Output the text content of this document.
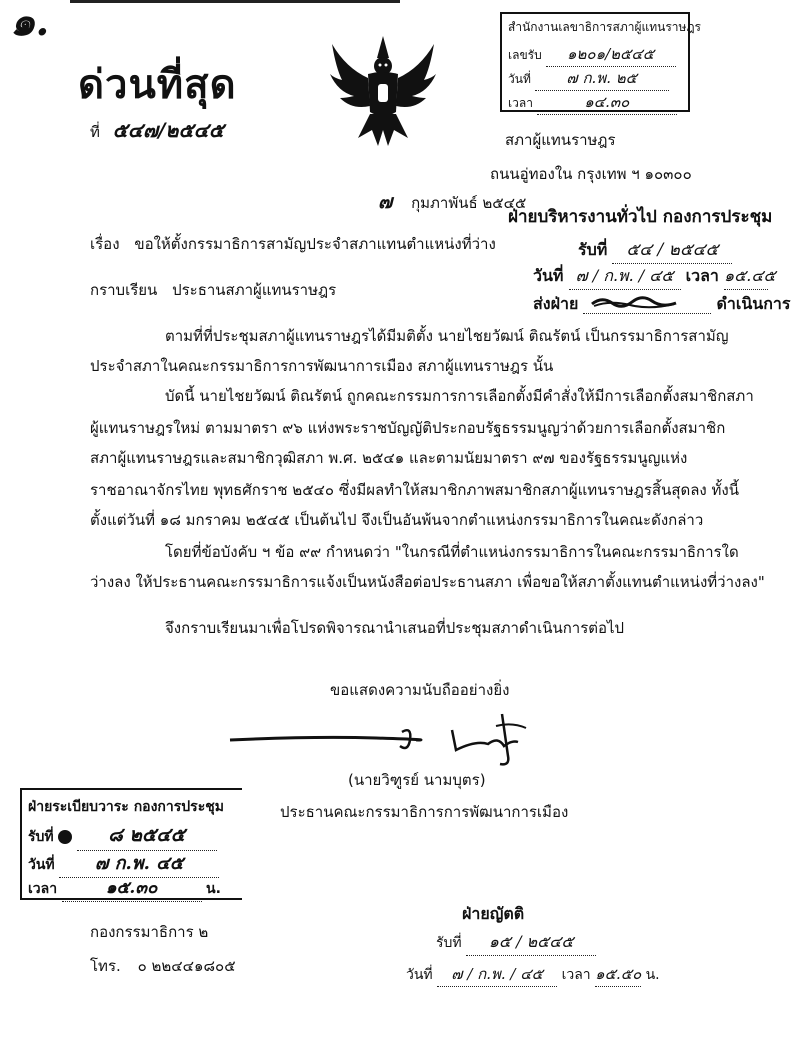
๑.
ด่วนที่สุด
ที่ ๕๔๗/๒๕๔๕
สำนักงานเลขาธิการสภาผู้แทนราษฎร
เลขรับ ๑๒๐๑/๒๕๔๕
วันที่ ๗ ก.พ. ๒๕
เวลา	๑๔.๓๐
สภาผู้แทนราษฎร
ถนนอู่ทองใน กรุงเทพ ฯ ๑๐๓๐๐
๗ กุมภาพันธ์ ๒๕๔๕
ฝ่ายบริหารงานทั่วไป กองการประชุม
รับที่ ๕๔ / ๒๕๔๕
วันที่ ๗ / ก.พ. / ๔๕ เวลา ๑๕.๔๕
ส่งฝ่าย	ดำเนินการ
เรื่อง ขอให้ตั้งกรรมาธิการสามัญประจำสภาแทนตำแหน่งที่ว่าง
กราบเรียน ประธานสภาผู้แทนราษฎร
ตามที่ที่ประชุมสภาผู้แทนราษฎรได้มีมติตั้ง นายไชยวัฒน์ ติณรัตน์ เป็นกรรมาธิการสามัญ
ประจำสภาในคณะกรรมาธิการการพัฒนาการเมือง สภาผู้แทนราษฎร นั้น
บัดนี้ นายไชยวัฒน์ ติณรัตน์ ถูกคณะกรรมการการเลือกตั้งมีคำสั่งให้มีการเลือกตั้งสมาชิกสภา
ผู้แทนราษฎรใหม่ ตามมาตรา ๙๖ แห่งพระราชบัญญัติประกอบรัฐธรรมนูญว่าด้วยการเลือกตั้งสมาชิก
สภาผู้แทนราษฎรและสมาชิกวุฒิสภา พ.ศ. ๒๕๔๑ และตามนัยมาตรา ๙๗ ของรัฐธรรมนูญแห่ง
ราชอาณาจักรไทย พุทธศักราช ๒๕๔๐ ซึ่งมีผลทำให้สมาชิกภาพสมาชิกสภาผู้แทนราษฎรสิ้นสุดลง ทั้งนี้
ตั้งแต่วันที่ ๑๘ มกราคม ๒๕๔๕ เป็นต้นไป จึงเป็นอันพ้นจากตำแหน่งกรรมาธิการในคณะดังกล่าว
โดยที่ข้อบังคับ ฯ ข้อ ๙๙ กำหนดว่า "ในกรณีที่ตำแหน่งกรรมาธิการในคณะกรรมาธิการใด
ว่างลง ให้ประธานคณะกรรมาธิการแจ้งเป็นหนังสือต่อประธานสภา เพื่อขอให้สภาตั้งแทนตำแหน่งที่ว่างลง"
จึงกราบเรียนมาเพื่อโปรดพิจารณานำเสนอที่ประชุมสภาดำเนินการต่อไป
ขอแสดงความนับถืออย่างยิ่ง
(นายวิฑูรย์ นามบุตร)
ประธานคณะกรรมาธิการการพัฒนาการเมือง
ฝ่ายระเบียบวาระ กองการประชุม
รับที่	๘ ๒๕๔๕
วันที่ ๗ ก.พ. ๔๕
เวลา	๑๕.๓๐	น.
กองกรรมาธิการ ๒
โทร. ๐ ๒๒๔๔๑๘๐๕
ฝ่ายญัตติ
รับที่ ๑๕ / ๒๕๔๕
วันที่ ๗ / ก.พ. / ๔๕ เวลา ๑๕.๕๐ น.
